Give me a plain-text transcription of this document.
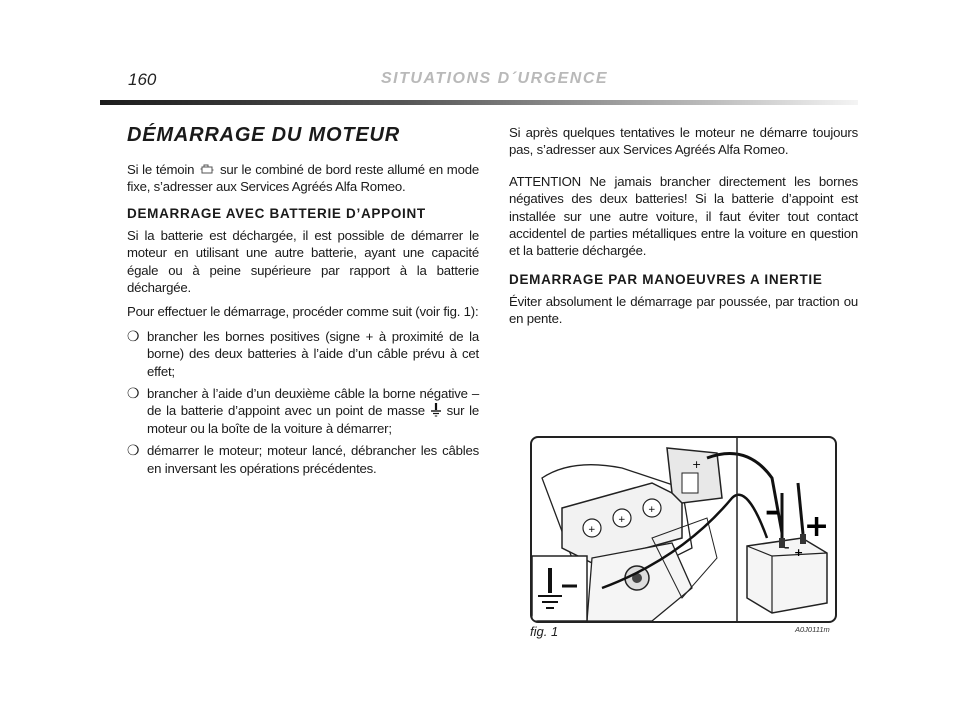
160	SITUATIONS D´URGENCE
DÉMARRAGE DU MOTEUR

Si le témoin sur le combiné de bord reste allumé en mode fixe, s’adresser aux Services Agréés Alfa Romeo.

DEMARRAGE AVEC BATTERIE D’APPOINT

Si la batterie est déchargée, il est possible de démarrer le moteur en utilisant une autre batterie, ayant une capacité égale ou à peine supérieure par rapport à la batterie déchargée.

Pour effectuer le démarrage, procéder comme suit (voir fig. 1):

❍ brancher les bornes positives (signe + à proximité de la borne) des deux batteries à l’aide d’un câble prévu à cet effet;
❍ brancher à l’aide d’un deuxième câble la borne négative – de la batterie d’appoint avec un point de masse sur le moteur ou la boîte de la voiture à démarrer;
❍ démarrer le moteur; moteur lancé, débrancher les câbles en inversant les opérations précédentes.

Si après quelques tentatives le moteur ne démarre toujours pas, s’adresser aux Services Agréés Alfa Romeo.

ATTENTION Ne jamais brancher directement les bornes négatives des deux batteries! Si la batterie d’appoint est installée sur une autre voiture, il faut éviter tout contact accidentel de parties métalliques entre la voiture en question et la batterie déchargée.

DEMARRAGE PAR MANOEUVRES A INERTIE

Éviter absolument le démarrage par poussée, par traction ou en pente.

+
+
+
+
– +
– +
fig. 1	A0J0111m
